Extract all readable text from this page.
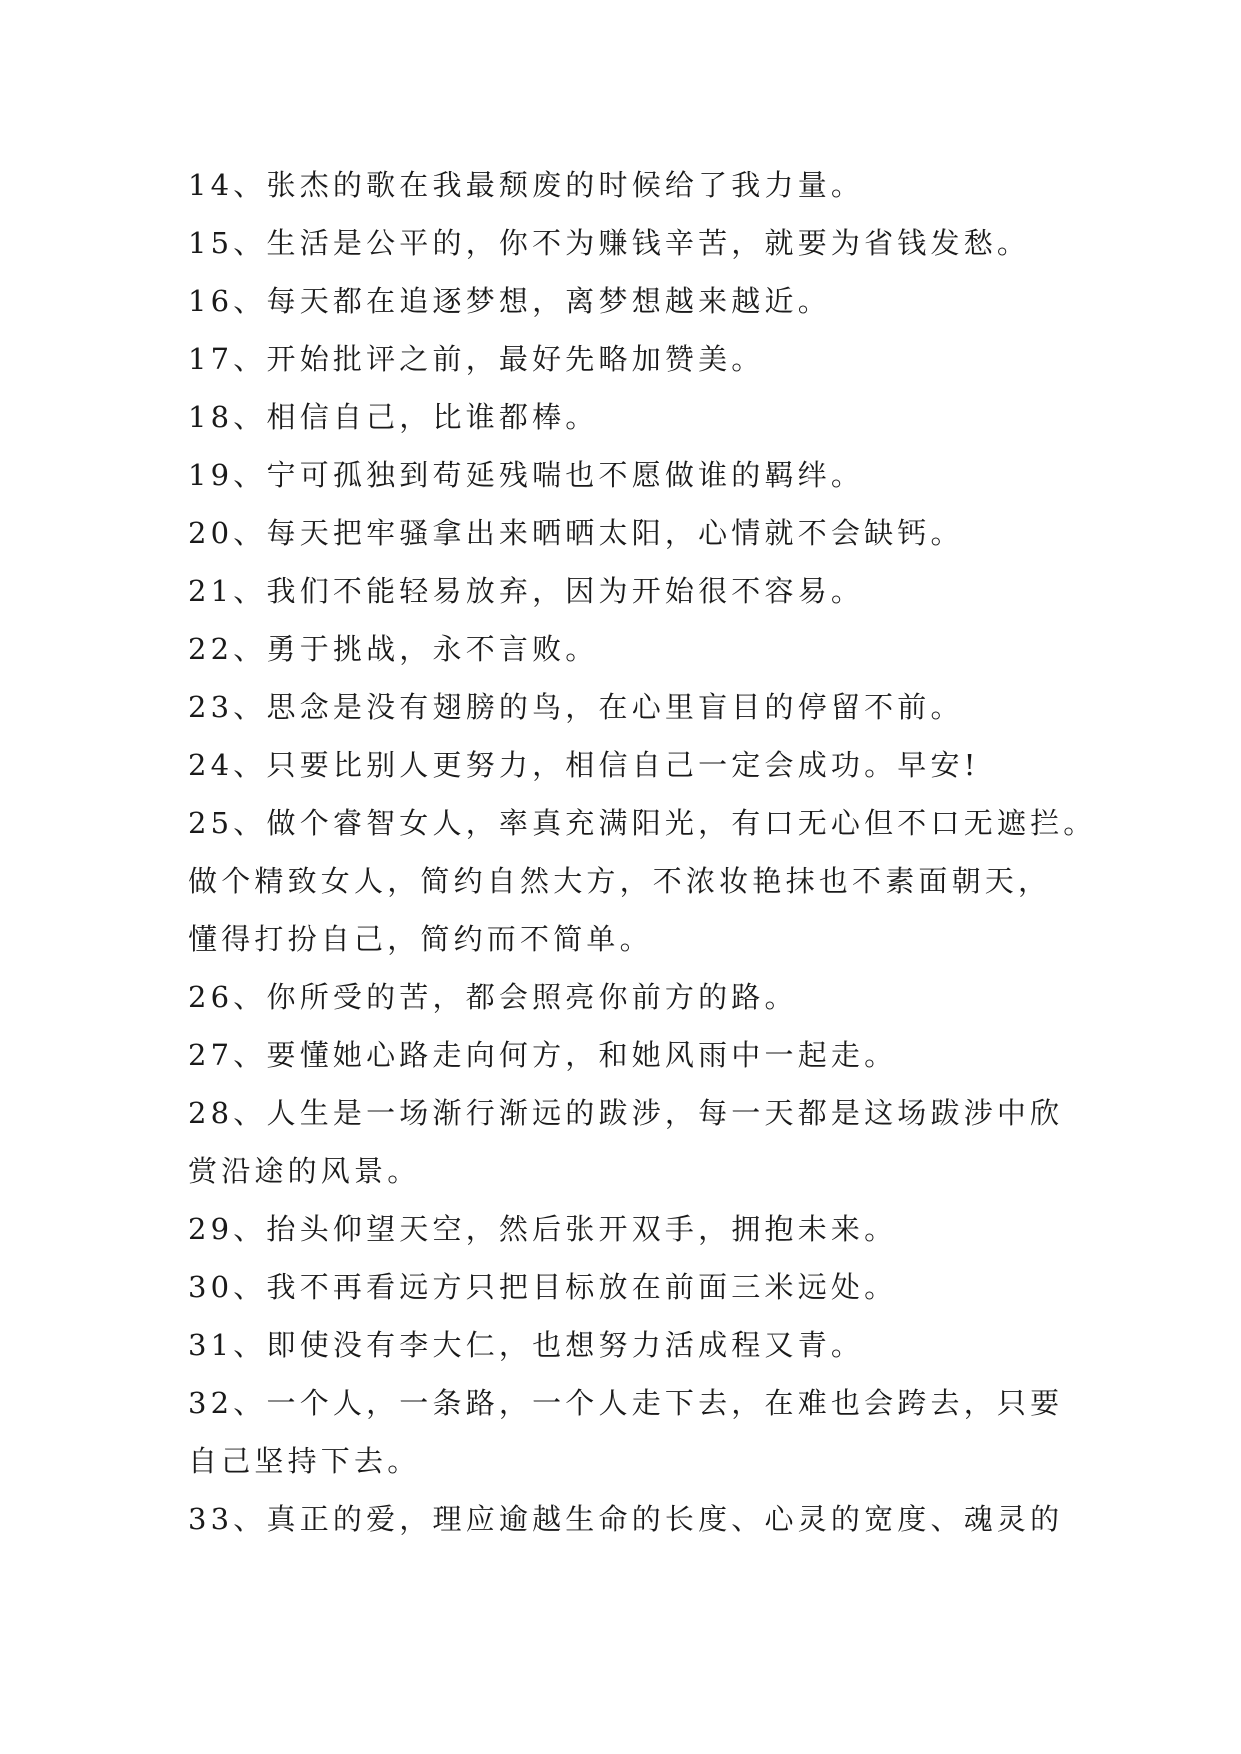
14、张杰的歌在我最颓废的时候给了我力量。
15、生活是公平的，你不为赚钱辛苦，就要为省钱发愁。
16、每天都在追逐梦想，离梦想越来越近。
17、开始批评之前，最好先略加赞美。
18、相信自己，比谁都棒。
19、宁可孤独到苟延残喘也不愿做谁的羁绊。
20、每天把牢骚拿出来晒晒太阳，心情就不会缺钙。
21、我们不能轻易放弃，因为开始很不容易。
22、勇于挑战，永不言败。
23、思念是没有翅膀的鸟，在心里盲目的停留不前。
24、只要比别人更努力，相信自己一定会成功。早安!
25、做个睿智女人，率真充满阳光，有口无心但不口无遮拦。
做个精致女人，简约自然大方，不浓妆艳抹也不素面朝天，
懂得打扮自己，简约而不简单。
26、你所受的苦，都会照亮你前方的路。
27、要懂她心路走向何方，和她风雨中一起走。
28、人生是一场渐行渐远的跋涉，每一天都是这场跋涉中欣
赏沿途的风景。
29、抬头仰望天空，然后张开双手，拥抱未来。
30、我不再看远方只把目标放在前面三米远处。
31、即使没有李大仁，也想努力活成程又青。
32、一个人，一条路，一个人走下去，在难也会跨去，只要
自己坚持下去。
33、真正的爱，理应逾越生命的长度、心灵的宽度、魂灵的
